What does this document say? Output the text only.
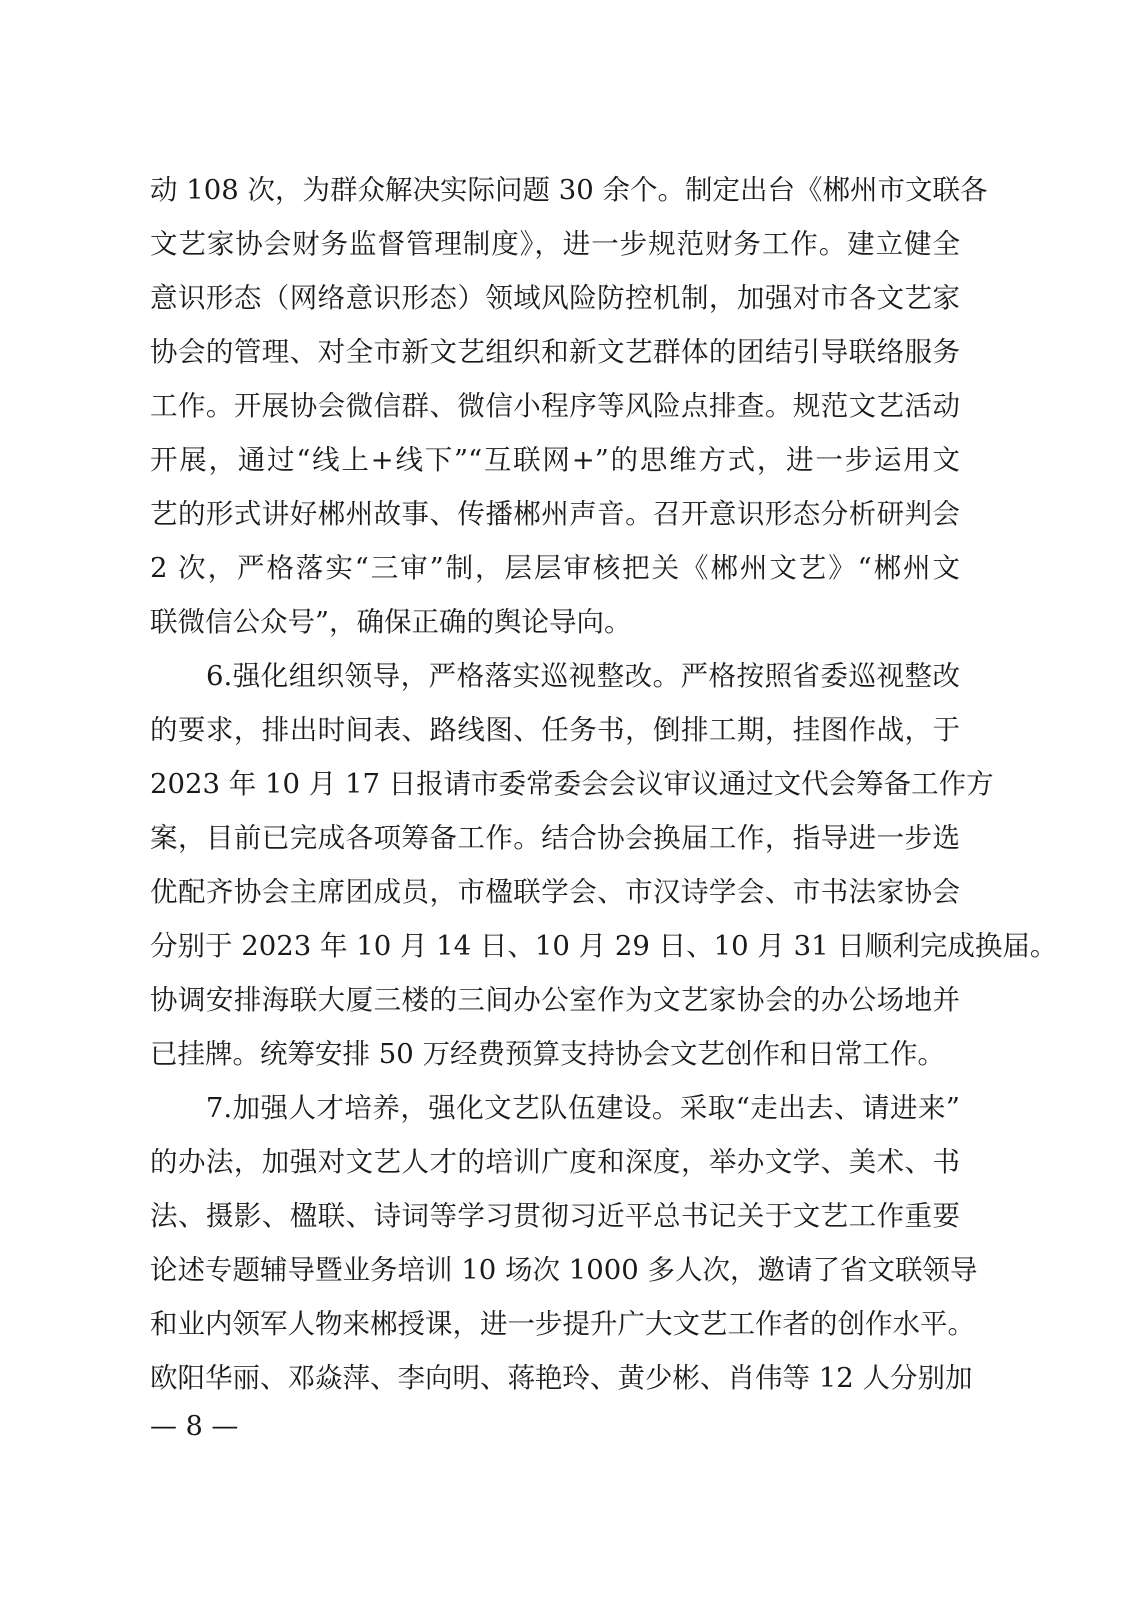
动 108 次，为群众解决实际问题 30 余个。制定出台《郴州市文联各
文艺家协会财务监督管理制度》，进一步规范财务工作。建立健全
意识形态（网络意识形态）领域风险防控机制，加强对市各文艺家
协会的管理、对全市新文艺组织和新文艺群体的团结引导联络服务
工作。开展协会微信群、微信小程序等风险点排查。规范文艺活动
开展，通过“线上+线下”“互联网+”的思维方式，进一步运用文
艺的形式讲好郴州故事、传播郴州声音。召开意识形态分析研判会
2 次，严格落实“三审”制，层层审核把关《郴州文艺》“郴州文
联微信公众号”，确保正确的舆论导向。
　　6.强化组织领导，严格落实巡视整改。严格按照省委巡视整改
的要求，排出时间表、路线图、任务书，倒排工期，挂图作战，于
2023 年 10 月 17 日报请市委常委会会议审议通过文代会筹备工作方
案，目前已完成各项筹备工作。结合协会换届工作，指导进一步选
优配齐协会主席团成员，市楹联学会、市汉诗学会、市书法家协会
分别于 2023 年 10 月 14 日、10 月 29 日、10 月 31 日顺利完成换届。
协调安排海联大厦三楼的三间办公室作为文艺家协会的办公场地并
已挂牌。统筹安排 50 万经费预算支持协会文艺创作和日常工作。
　　7.加强人才培养，强化文艺队伍建设。采取“走出去、请进来”
的办法，加强对文艺人才的培训广度和深度，举办文学、美术、书
法、摄影、楹联、诗词等学习贯彻习近平总书记关于文艺工作重要
论述专题辅导暨业务培训 10 场次 1000 多人次，邀请了省文联领导
和业内领军人物来郴授课，进一步提升广大文艺工作者的创作水平。
欧阳华丽、邓焱萍、李向明、蒋艳玲、黄少彬、肖伟等 12 人分别加
— 8 —
